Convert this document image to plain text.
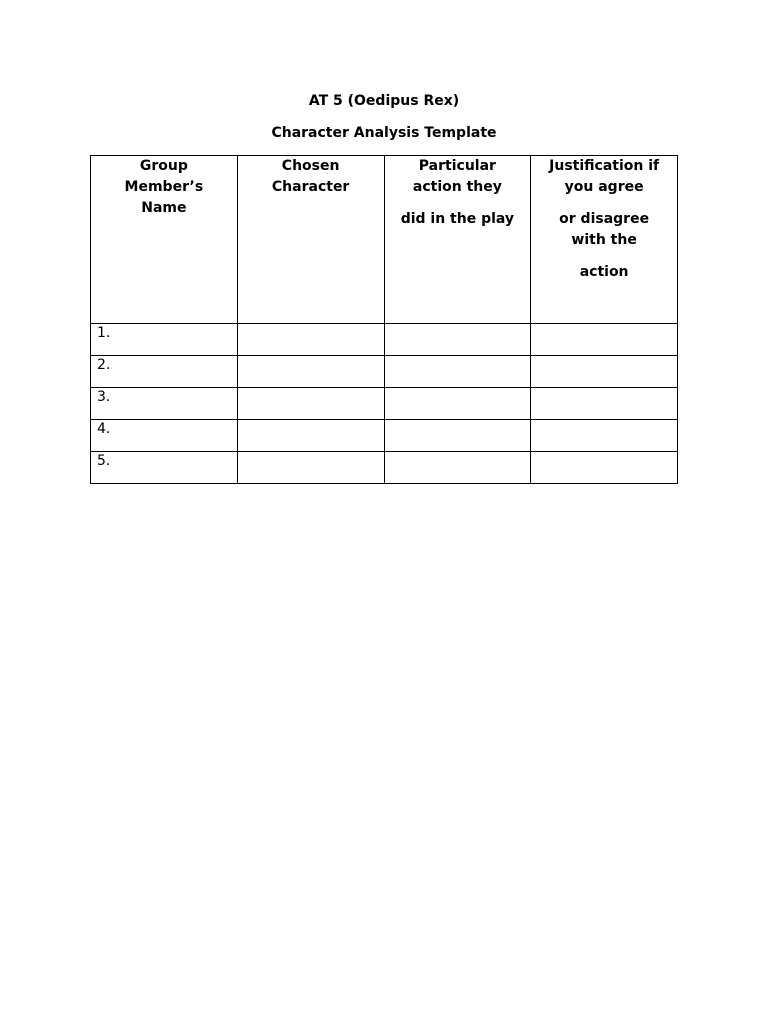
AT 5 (Oedipus Rex)
Character Analysis Template
Group
Member’s
Name	Chosen
Character	Particular
action they
did in the play	Justification if
you agree
or disagree
with the
action

1.			

2.			

3.			

4.			

5.			
